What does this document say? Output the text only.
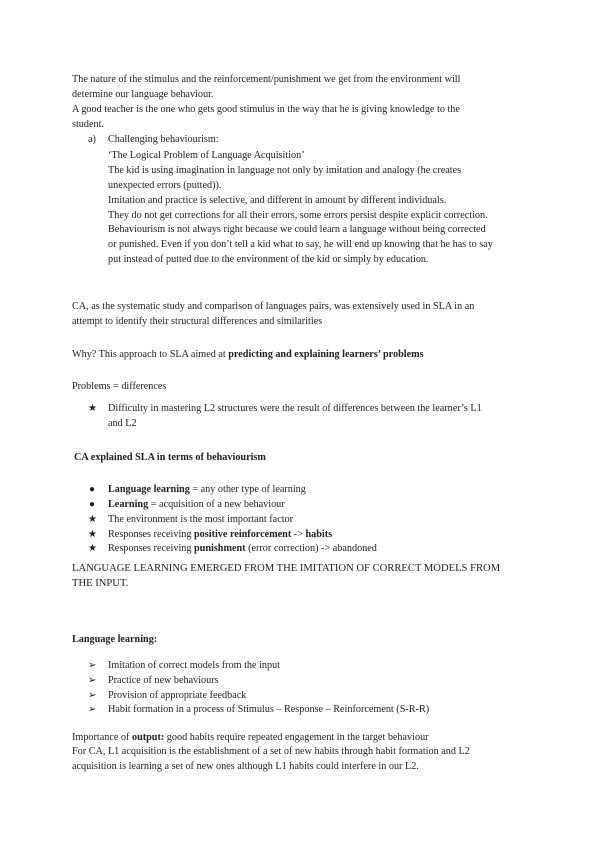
The nature of the stimulus and the reinforcement/punishment we get from the environment will

determine our language behaviour.

A good teacher is the one who gets good stimulus in the way that he is giving knowledge to the

student.

a) Challenging behaviourism:

‘The Logical Problem of Language Acquisition’

The kid is using imagination in language not only by imitation and analogy (he creates

unexpected errors (putted)).

Imitation and practice is selective, and different in amount by different individuals.

They do not get corrections for all their errors, some errors persist despite explicit correction.

Behaviourism is not always right because we could learn a language without being corrected

or punished. Even if you don’t tell a kid what to say, he will end up knowing that he has to say

put instead of putted due to the environment of the kid or simply by education.

CA, as the systematic study and comparison of languages pairs, was extensively used in SLA in an

attempt to identify their structural differences and similarities

Why? This approach to SLA aimed at predicting and explaining learners’ problems

Problems = differences

★ Difficulty in mastering L2 structures were the result of differences between the learner’s L1

and L2

CA explained SLA in terms of behaviourism

● Language learning = any other type of learning

● Learning = acquisition of a new behaviour

★ The environment is the most important factor

★ Responses receiving positive reinforcement -> habits

★ Responses receiving punishment (error correction) -> abandoned

LANGUAGE LEARNING EMERGED FROM THE IMITATION OF CORRECT MODELS FROM

THE INPUT.

Language learning:

➢ Imitation of correct models from the input

➢ Practice of new behaviours

➢ Provision of appropriate feedback

➢ Habit formation in a process of Stimulus – Response – Reinforcement (S-R-R)

Importance of output: good habits require repeated engagement in the target behaviour

For CA, L1 acquisition is the establishment of a set of new habits through habit formation and L2

acquisition is learning a set of new ones although L1 habits could interfere in our L2.
